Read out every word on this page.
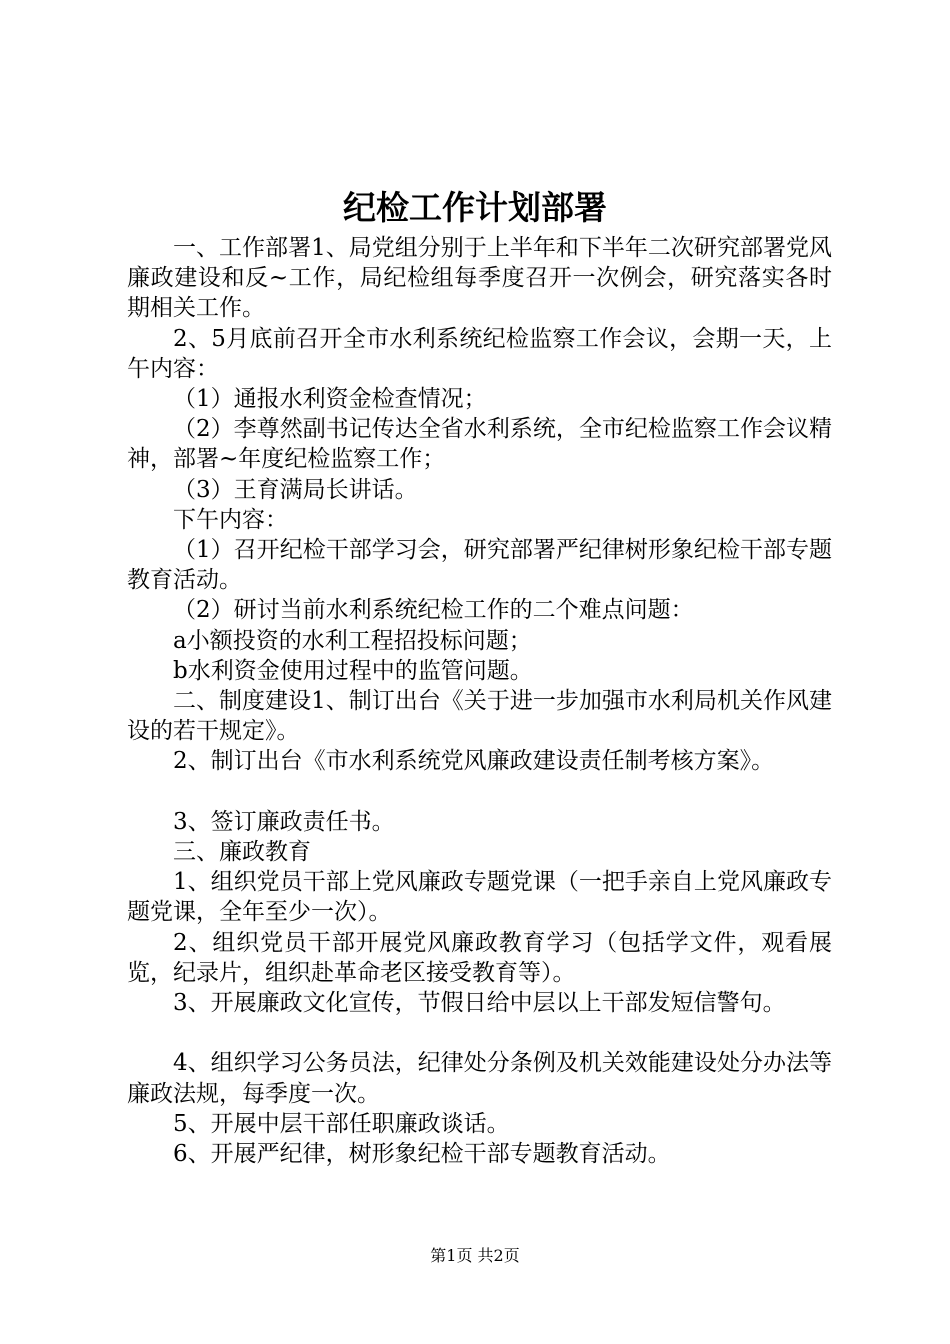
纪检工作计划部署

一、工作部署1、局党组分别于上半年和下半年二次研究部署党风廉政建设和反~工作，局纪检组每季度召开一次例会，研究落实各时期相关工作。

2、5月底前召开全市水利系统纪检监察工作会议，会期一天，上午内容：

（1）通报水利资金检查情况；

（2）李尊然副书记传达全省水利系统，全市纪检监察工作会议精神，部署~年度纪检监察工作；

（3）王育满局长讲话。

下午内容：

（1）召开纪检干部学习会，研究部署严纪律树形象纪检干部专题教育活动。

（2）研讨当前水利系统纪检工作的二个难点问题：

a小额投资的水利工程招投标问题；

b水利资金使用过程中的监管问题。

二、制度建设1、制订出台《关于进一步加强市水利局机关作风建设的若干规定》。

2、制订出台《市水利系统党风廉政建设责任制考核方案》。

3、签订廉政责任书。

三、廉政教育

1、组织党员干部上党风廉政专题党课（一把手亲自上党风廉政专题党课，全年至少一次）。

2、组织党员干部开展党风廉政教育学习（包括学文件，观看展览，纪录片，组织赴革命老区接受教育等）。

3、开展廉政文化宣传，节假日给中层以上干部发短信警句。

4、组织学习公务员法，纪律处分条例及机关效能建设处分办法等廉政法规，每季度一次。

5、开展中层干部任职廉政谈话。

6、开展严纪律，树形象纪检干部专题教育活动。

第1页 共2页
